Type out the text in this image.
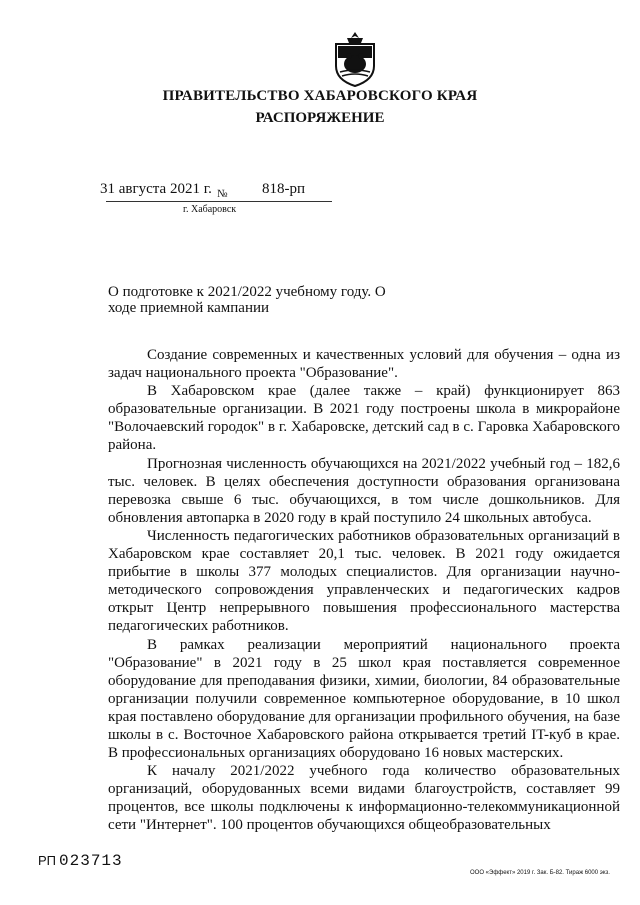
ПРАВИТЕЛЬСТВО ХАБАРОВСКОГО КРАЯ
РАСПОРЯЖЕНИЕ
31 августа 2021 г. № 818-рп
г. Хабаровск
О подготовке к 2021/2022 учебному году. О ходе приемной кампании

Создание современных и качественных условий для обучения – одна из задач национального проекта "Образование".

В Хабаровском крае (далее также – край) функционирует 863 образовательные организации. В 2021 году построены школа в микрорайоне "Волочаевский городок" в г. Хабаровске, детский сад в с. Гаровка Хабаровского района.

Прогнозная численность обучающихся на 2021/2022 учебный год – 182,6 тыс. человек. В целях обеспечения доступности образования организована перевозка свыше 6 тыс. обучающихся, в том числе дошкольников. Для обновления автопарка в 2020 году в край поступило 24 школьных автобуса.

Численность педагогических работников образовательных организаций в Хабаровском крае составляет 20,1 тыс. человек. В 2021 году ожидается прибытие в школы 377 молодых специалистов. Для организации научно-методического сопровождения управленческих и педагогических кадров открыт Центр непрерывного повышения профессионального мастерства педагогических работников.

В рамках реализации мероприятий национального проекта "Образование" в 2021 году в 25 школ края поставляется современное оборудование для преподавания физики, химии, биологии, 84 образовательные организации получили современное компьютерное оборудование, в 10 школ края поставлено оборудование для организации профильного обучения, на базе школы в с. Восточное Хабаровского района открывается третий IT-куб в крае. В профессиональных организациях оборудовано 16 новых мастерских.

К началу 2021/2022 учебного года количество образовательных организаций, оборудованных всеми видами благоустройств, составляет 99 процентов, все школы подключены к информационно-телекоммуникационной сети "Интернет". 100 процентов обучающихся общеобразовательных

РП 023713
ООО «Эффект» 2019 г. Зак. Б-82. Тираж 6000 экз.
